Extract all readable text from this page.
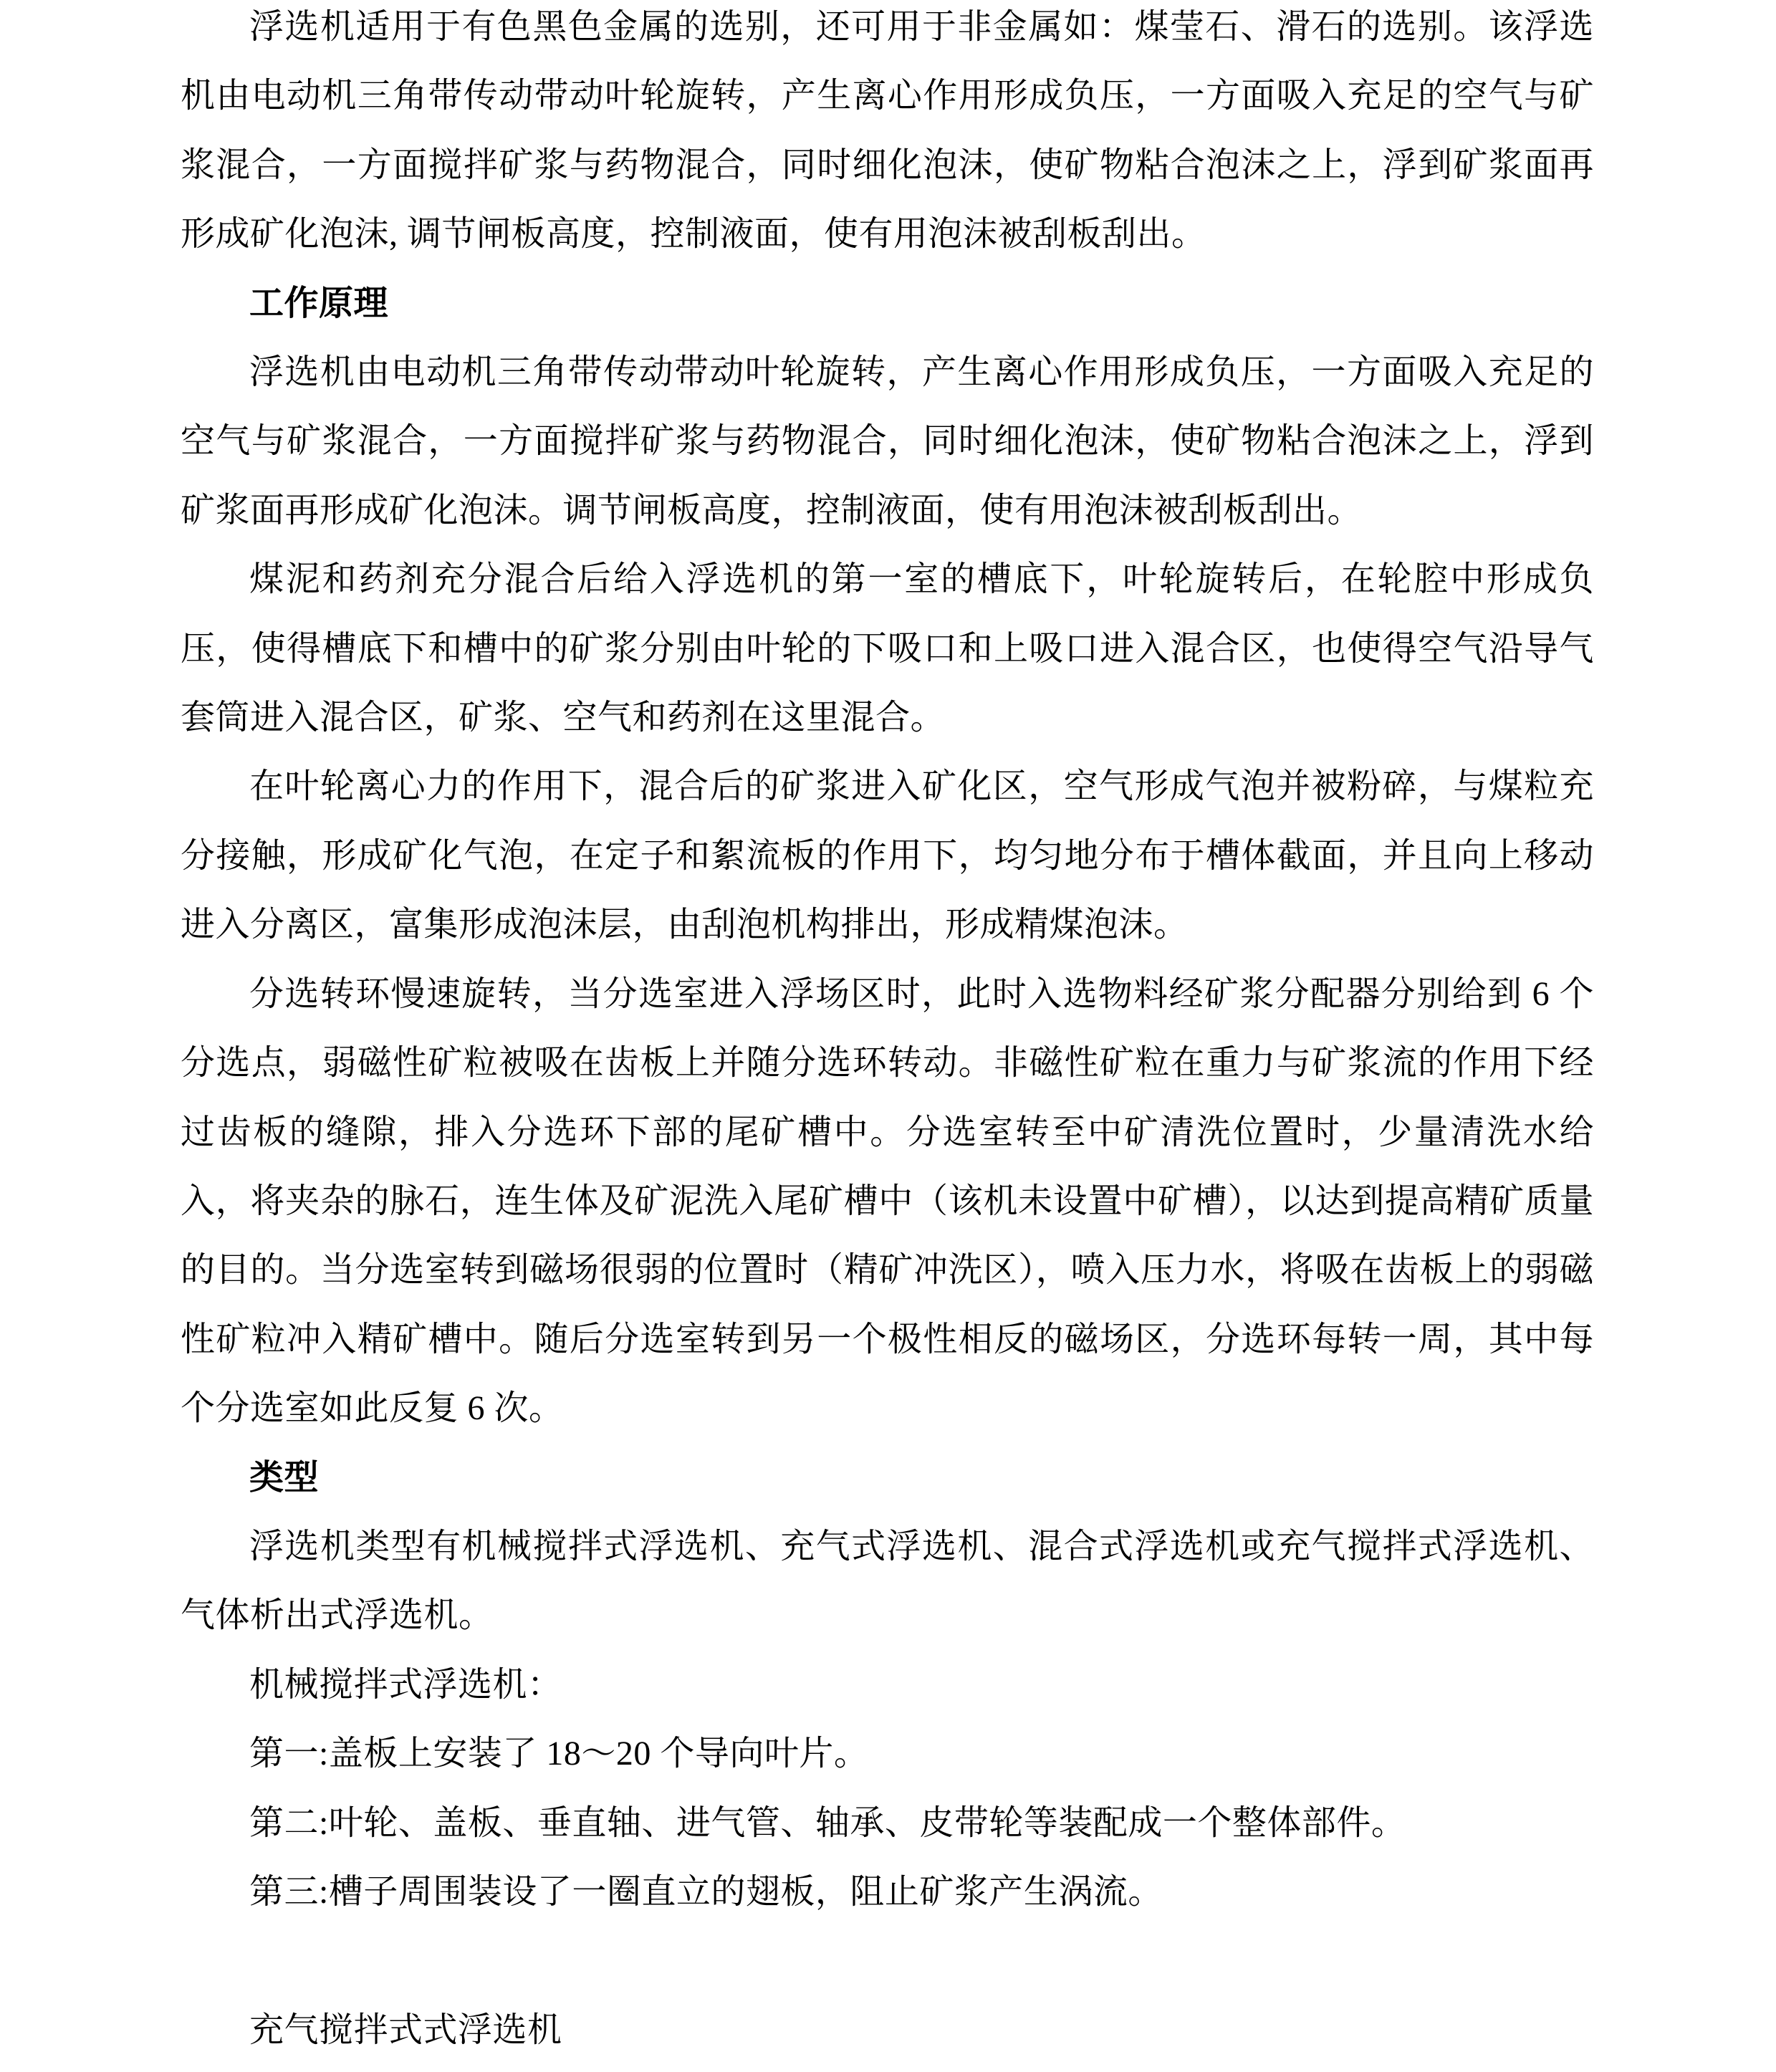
浮选机适用于有色黑色金属的选别，还可用于非金属如：煤莹石、滑石的选别。该浮选机由电动机三角带传动带动叶轮旋转，产生离心作用形成负压，一方面吸入充足的空气与矿浆混合，一方面搅拌矿浆与药物混合，同时细化泡沫，使矿物粘合泡沫之上，浮到矿浆面再形成矿化泡沫, 调节闸板高度，控制液面，使有用泡沫被刮板刮出。

工作原理

浮选机由电动机三角带传动带动叶轮旋转，产生离心作用形成负压，一方面吸入充足的空气与矿浆混合，一方面搅拌矿浆与药物混合，同时细化泡沫，使矿物粘合泡沫之上，浮到矿浆面再形成矿化泡沫。调节闸板高度，控制液面，使有用泡沫被刮板刮出。

煤泥和药剂充分混合后给入浮选机的第一室的槽底下，叶轮旋转后，在轮腔中形成负压，使得槽底下和槽中的矿浆分别由叶轮的下吸口和上吸口进入混合区，也使得空气沿导气套筒进入混合区，矿浆、空气和药剂在这里混合。

在叶轮离心力的作用下，混合后的矿浆进入矿化区，空气形成气泡并被粉碎，与煤粒充分接触，形成矿化气泡，在定子和絮流板的作用下，均匀地分布于槽体截面，并且向上移动进入分离区，富集形成泡沫层，由刮泡机构排出，形成精煤泡沫。

分选转环慢速旋转，当分选室进入浮场区时，此时入选物料经矿浆分配器分别给到 6 个分选点，弱磁性矿粒被吸在齿板上并随分选环转动。非磁性矿粒在重力与矿浆流的作用下经过齿板的缝隙，排入分选环下部的尾矿槽中。分选室转至中矿清洗位置时，少量清洗水给入，将夹杂的脉石，连生体及矿泥洗入尾矿槽中（该机未设置中矿槽），以达到提高精矿质量的目的。当分选室转到磁场很弱的位置时（精矿冲洗区），喷入压力水，将吸在齿板上的弱磁性矿粒冲入精矿槽中。随后分选室转到另一个极性相反的磁场区，分选环每转一周，其中每个分选室如此反复 6 次。

类型

浮选机类型有机械搅拌式浮选机、充气式浮选机、混合式浮选机或充气搅拌式浮选机、气体析出式浮选机。

机械搅拌式浮选机：

第一:盖板上安装了 18～20 个导向叶片。

第二:叶轮、盖板、垂直轴、进气管、轴承、皮带轮等装配成一个整体部件。

第三:槽子周围装设了一圈直立的翅板，阻止矿浆产生涡流。

充气搅拌式式浮选机
